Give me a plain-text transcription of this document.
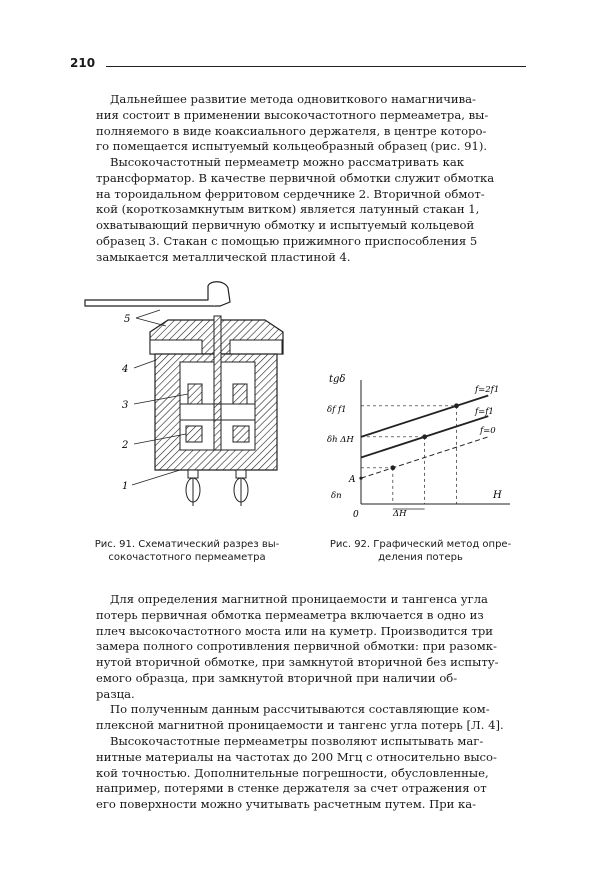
210

Дальнейшее развитие метода одновиткового намагничива-
ния состоит в применении высокочастотного пермеаметра, вы-
полняемого в виде коаксиального держателя, в центре которо-
го помещается испытуемый кольцеобразный образец (рис. 91).

Высокочастотный пермеаметр можно рассматривать как
трансформатор. В качестве первичной обмотки служит обмотка
на тороидальном ферритовом сердечнике 2. Вторичной обмот-
кой (короткозамкнутым витком) является латунный стакан 1,
охватывающий первичную обмотку и испытуемый кольцевой
образец 3. Стакан с помощью прижимного приспособления 5
замыкается металлической пластиной 4.

5
4
3
2
1
tgδ
H
0
A
δп
δh ΔH
δf f1
ΔH
f=2f1
f=f1
f=0

Рис. 91. Схематический разрез вы-
сокочастотного пермеаметра

Рис. 92. Графический метод опре-
деления потерь

Для определения магнитной проницаемости и тангенса угла
потерь первичная обмотка пермеаметра включается в одно из
плеч высокочастотного моста или на куметр. Производится три
замера полного сопротивления первичной обмотки: при разомк-
нутой вторичной обмотке, при замкнутой вторичной без испыту-
емого образца, при замкнутой вторичной при наличии об-
разца.

По полученным данным рассчитываются составляющие ком-
плексной магнитной проницаемости и тангенс угла потерь [Л. 4].

Высокочастотные пермеаметры позволяют испытывать маг-
нитные материалы на частотах до 200 Мгц с относительно высо-
кой точностью. Дополнительные погрешности, обусловленные,
например, потерями в стенке держателя за счет отражения от
его поверхности можно учитывать расчетным путем. При ка-
